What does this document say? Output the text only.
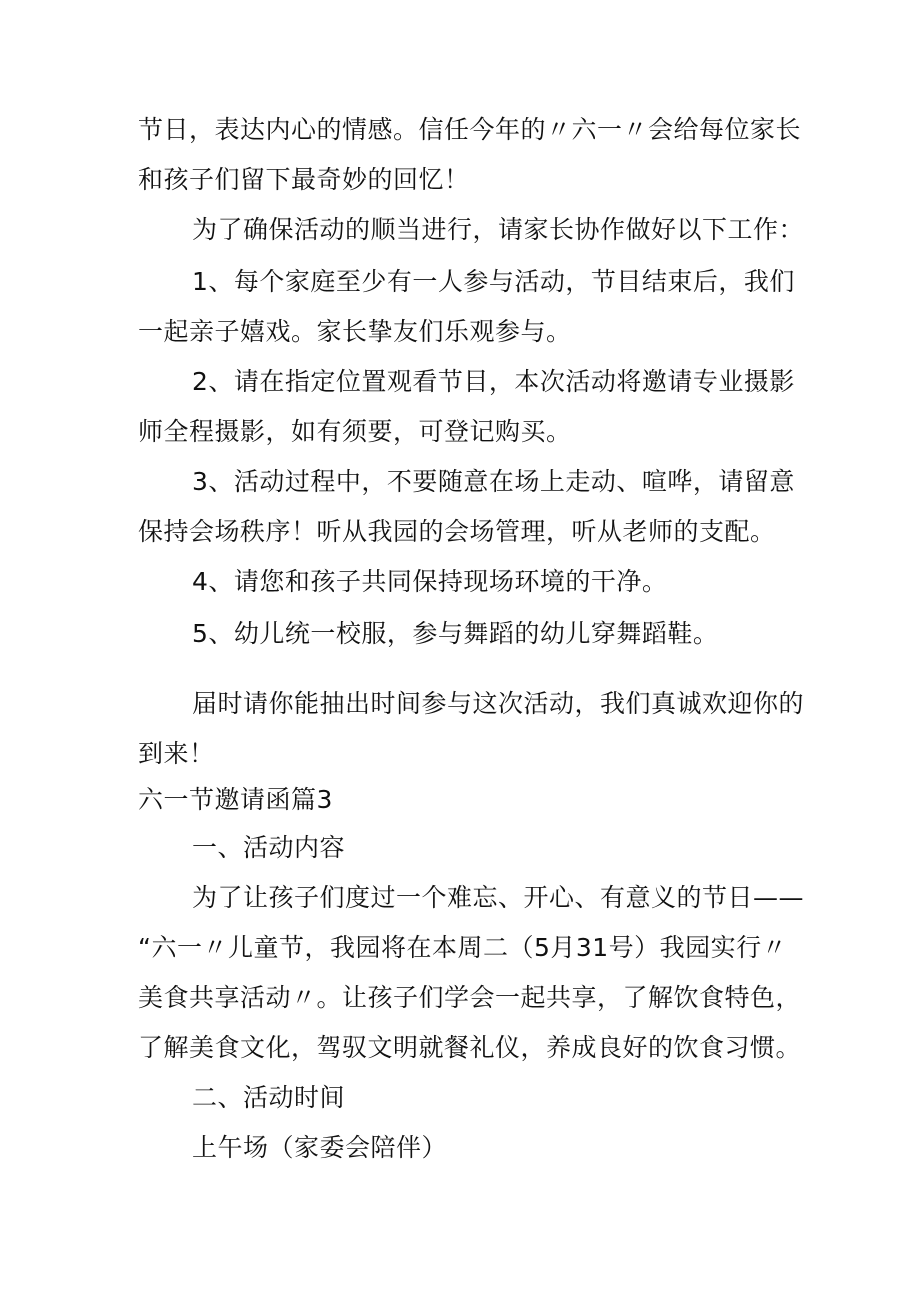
节日，表达内心的情感。信任今年的〃六一〃会给每位家长
和孩子们留下最奇妙的回忆！
为了确保活动的顺当进行，请家长协作做好以下工作：
1、每个家庭至少有一人参与活动，节目结束后，我们
一起亲子嬉戏。家长挚友们乐观参与。
2、请在指定位置观看节目，本次活动将邀请专业摄影
师全程摄影，如有须要，可登记购买。
3、活动过程中，不要随意在场上走动、喧哗，请留意
保持会场秩序！听从我园的会场管理，听从老师的支配。
4、请您和孩子共同保持现场环境的干净。
5、幼儿统一校服，参与舞蹈的幼儿穿舞蹈鞋。
届时请你能抽出时间参与这次活动，我们真诚欢迎你的
到来！
六一节邀请函篇3
一、活动内容
为了让孩子们度过一个难忘、开心、有意义的节日——
“六一〃儿童节，我园将在本周二（5月31号）我园实行〃
美食共享活动〃。让孩子们学会一起共享，了解饮食特色，
了解美食文化，驾驭文明就餐礼仪，养成良好的饮食习惯。
二、活动时间
上午场（家委会陪伴）
